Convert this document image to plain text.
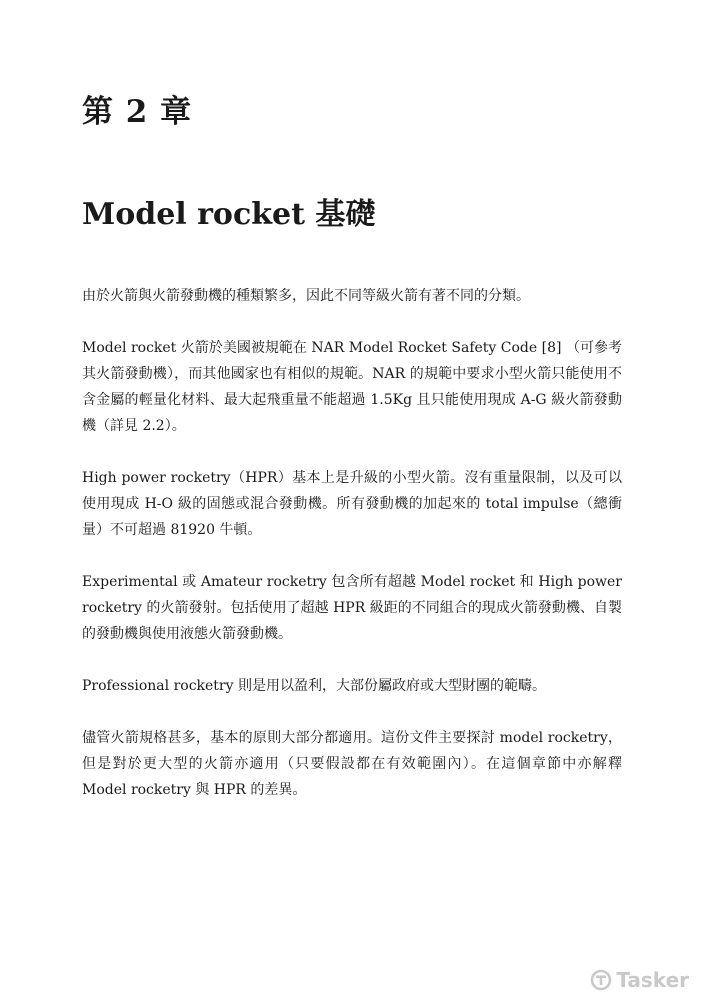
第 2 章
Model rocket 基礎

由於火箭與火箭發動機的種類繁多，因此不同等級火箭有著不同的分類。

Model rocket 火箭於美國被規範在 NAR Model Rocket Safety Code [8] （可參考其火箭發動機），而其他國家也有相似的規範。NAR 的規範中要求小型火箭只能使用不含金屬的輕量化材料、最大起飛重量不能超過 1.5Kg 且只能使用現成 A-G 級火箭發動機（詳見 2.2）。

High power rocketry（HPR）基本上是升級的小型火箭。沒有重量限制，以及可以使用現成 H-O 級的固態或混合發動機。所有發動機的加起來的 total impulse（總衝量）不可超過 81920 牛頓。

Experimental 或 Amateur rocketry 包含所有超越 Model rocket 和 High power rocketry 的火箭發射。包括使用了超越 HPR 級距的不同組合的現成火箭發動機、自製的發動機與使用液態火箭發動機。

Professional rocketry 則是用以盈利，大部份屬政府或大型財團的範疇。

儘管火箭規格甚多，基本的原則大部分都適用。這份文件主要探討 model rocketry，但是對於更大型的火箭亦適用（只要假設都在有效範圍內）。在這個章節中亦解釋 Model rocketry 與 HPR 的差異。

Tasker
